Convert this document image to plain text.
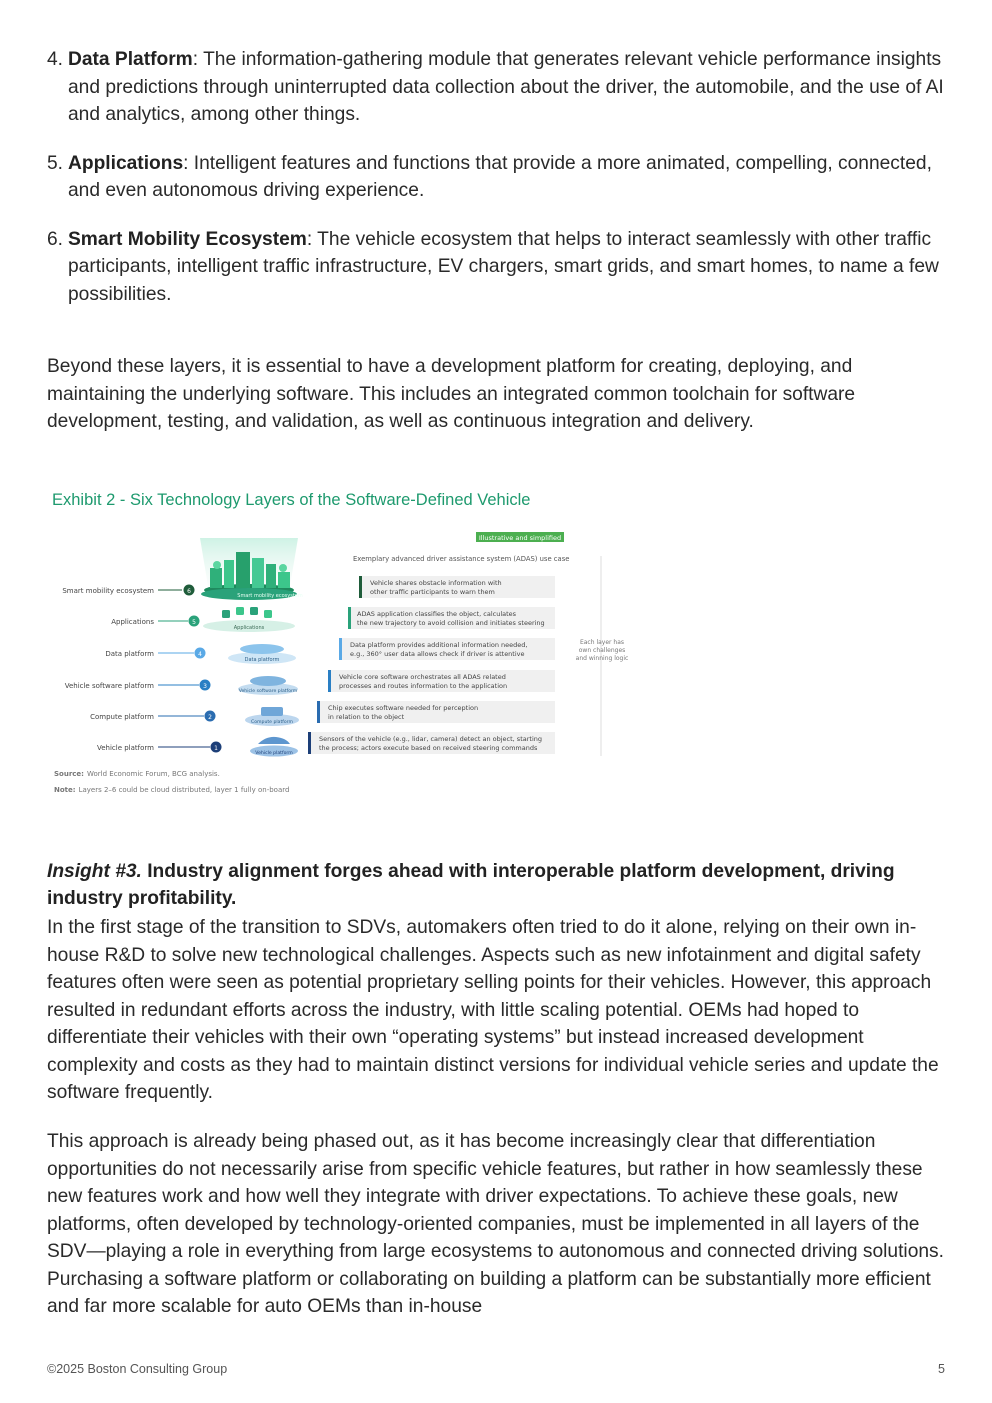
4. Data Platform: The information-gathering module that generates relevant vehicle performance insights and predictions through uninterrupted data collection about the driver, the automobile, and the use of AI and analytics, among other things.
5. Applications: Intelligent features and functions that provide a more animated, compelling, connected, and even autonomous driving experience.
6. Smart Mobility Ecosystem: The vehicle ecosystem that helps to interact seamlessly with other traffic participants, intelligent traffic infrastructure, EV chargers, smart grids, and smart homes, to name a few possibilities.

Beyond these layers, it is essential to have a development platform for creating, deploying, and maintaining the underlying software. This includes an integrated common toolchain for software development, testing, and validation, as well as continuous integration and delivery.

Exhibit 2 - Six Technology Layers of the Software-Defined Vehicle
Illustrative and simplified
Exemplary advanced driver assistance system (ADAS) use case
Each layer has
own challenges
and winning logic
Smart mobility ecosystem	6
Smart mobility ecosystem
Vehicle shares obstacle information with
other traffic participants to warn them
Applications	5
Applications
ADAS application classifies the object, calculates
the new trajectory to avoid collision and initiates steering
Data platform	4
Data platform
Data platform provides additional information needed,
e.g., 360° user data allows check if driver is attentive
Vehicle software platform	3
Vehicle software platform
Vehicle core software orchestrates all ADAS related
processes and routes information to the application
Compute platform	2
Compute platform
Chip executes software needed for perception
in relation to the object
Vehicle platform	1
Vehicle platform
Sensors of the vehicle (e.g., lidar, camera) detect an object, starting
the process; actors execute based on received steering commands
Source: World Economic Forum, BCG analysis.
Note: Layers 2–6 could be cloud distributed, layer 1 fully on-board

Insight #3. Industry alignment forges ahead with interoperable platform development, driving industry profitability.

In the first stage of the transition to SDVs, automakers often tried to do it alone, relying on their own in-house R&D to solve new technological challenges. Aspects such as new infotainment and digital safety features often were seen as potential proprietary selling points for their vehicles. However, this approach resulted in redundant efforts across the industry, with little scaling potential. OEMs had hoped to differentiate their vehicles with their own “operating systems” but instead increased development complexity and costs as they had to maintain distinct versions for individual vehicle series and update the software frequently.

This approach is already being phased out, as it has become increasingly clear that differentiation opportunities do not necessarily arise from specific vehicle features, but rather in how seamlessly these new features work and how well they integrate with driver expectations. To achieve these goals, new platforms, often developed by technology-oriented companies, must be implemented in all layers of the SDV—playing a role in everything from large ecosystems to autonomous and connected driving solutions. Purchasing a software platform or collaborating on building a platform can be substantially more efficient and far more scalable for auto OEMs than in-house

©2025 Boston Consulting Group	5
